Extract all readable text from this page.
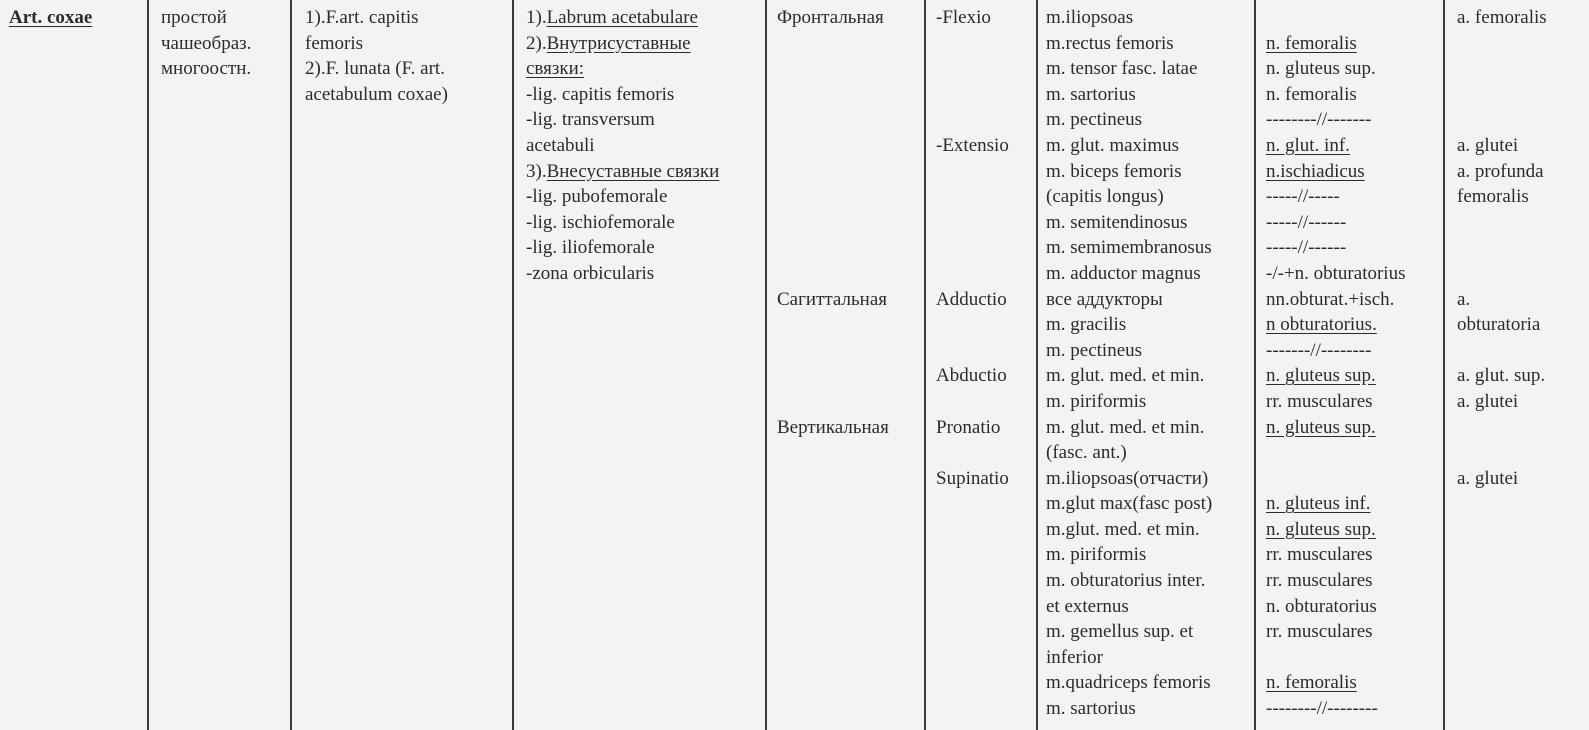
Art. coxae	простой
чашеобраз.
многоостн.
1).F.art. capitis
femoris
2).F. lunata (F. art.
acetabulum coxae)
1).Labrum acetabulare
2).Внутрисуставные
связки:
-lig. capitis femoris
-lig. transversum
acetabuli
3).Внесуставные связки
-lig. pubofemorale
-lig. ischiofemorale
-lig. iliofemorale
-zona orbicularis
Фронтальная
Сагиттальная
Вертикальная
-Flexio
-Extensio
Adductio
Abductio
Pronatio
Supinatio
m.iliopsoas
m.rectus femoris
m. tensor fasc. latae
m. sartorius
m. pectineus
m. glut. maximus
m. biceps femoris
(capitis longus)
m. semitendinosus
m. semimembranosus
m. adductor magnus
все аддукторы
m. gracilis
m. pectineus
m. glut. med. et min.
m. piriformis
m. glut. med. et min.
(fasc. ant.)
m.iliopsoas(отчасти)
m.glut max(fasc post)
m.glut. med. et min.
m. piriformis
m. obturatorius inter.
et externus
m. gemellus sup. et
inferior
m.quadriceps femoris
m. sartorius
n. femoralis
n. gluteus sup.
n. femoralis
--------//-------
n. glut. inf.
n.ischiadicus
-----//-----
-----//------
-----//------
-/-+n. obturatorius
nn.obturat.+isch.
n obturatorius.
-------//--------
n. gluteus sup.
rr. musculares
n. gluteus sup.
n. gluteus inf.
n. gluteus sup.
rr. musculares
rr. musculares
n. obturatorius
rr. musculares
n. femoralis
--------//--------
a. femoralis
a. glutei
a. profunda
femoralis
a.
obturatoria
a. glut. sup.
a. glutei
a. glutei
